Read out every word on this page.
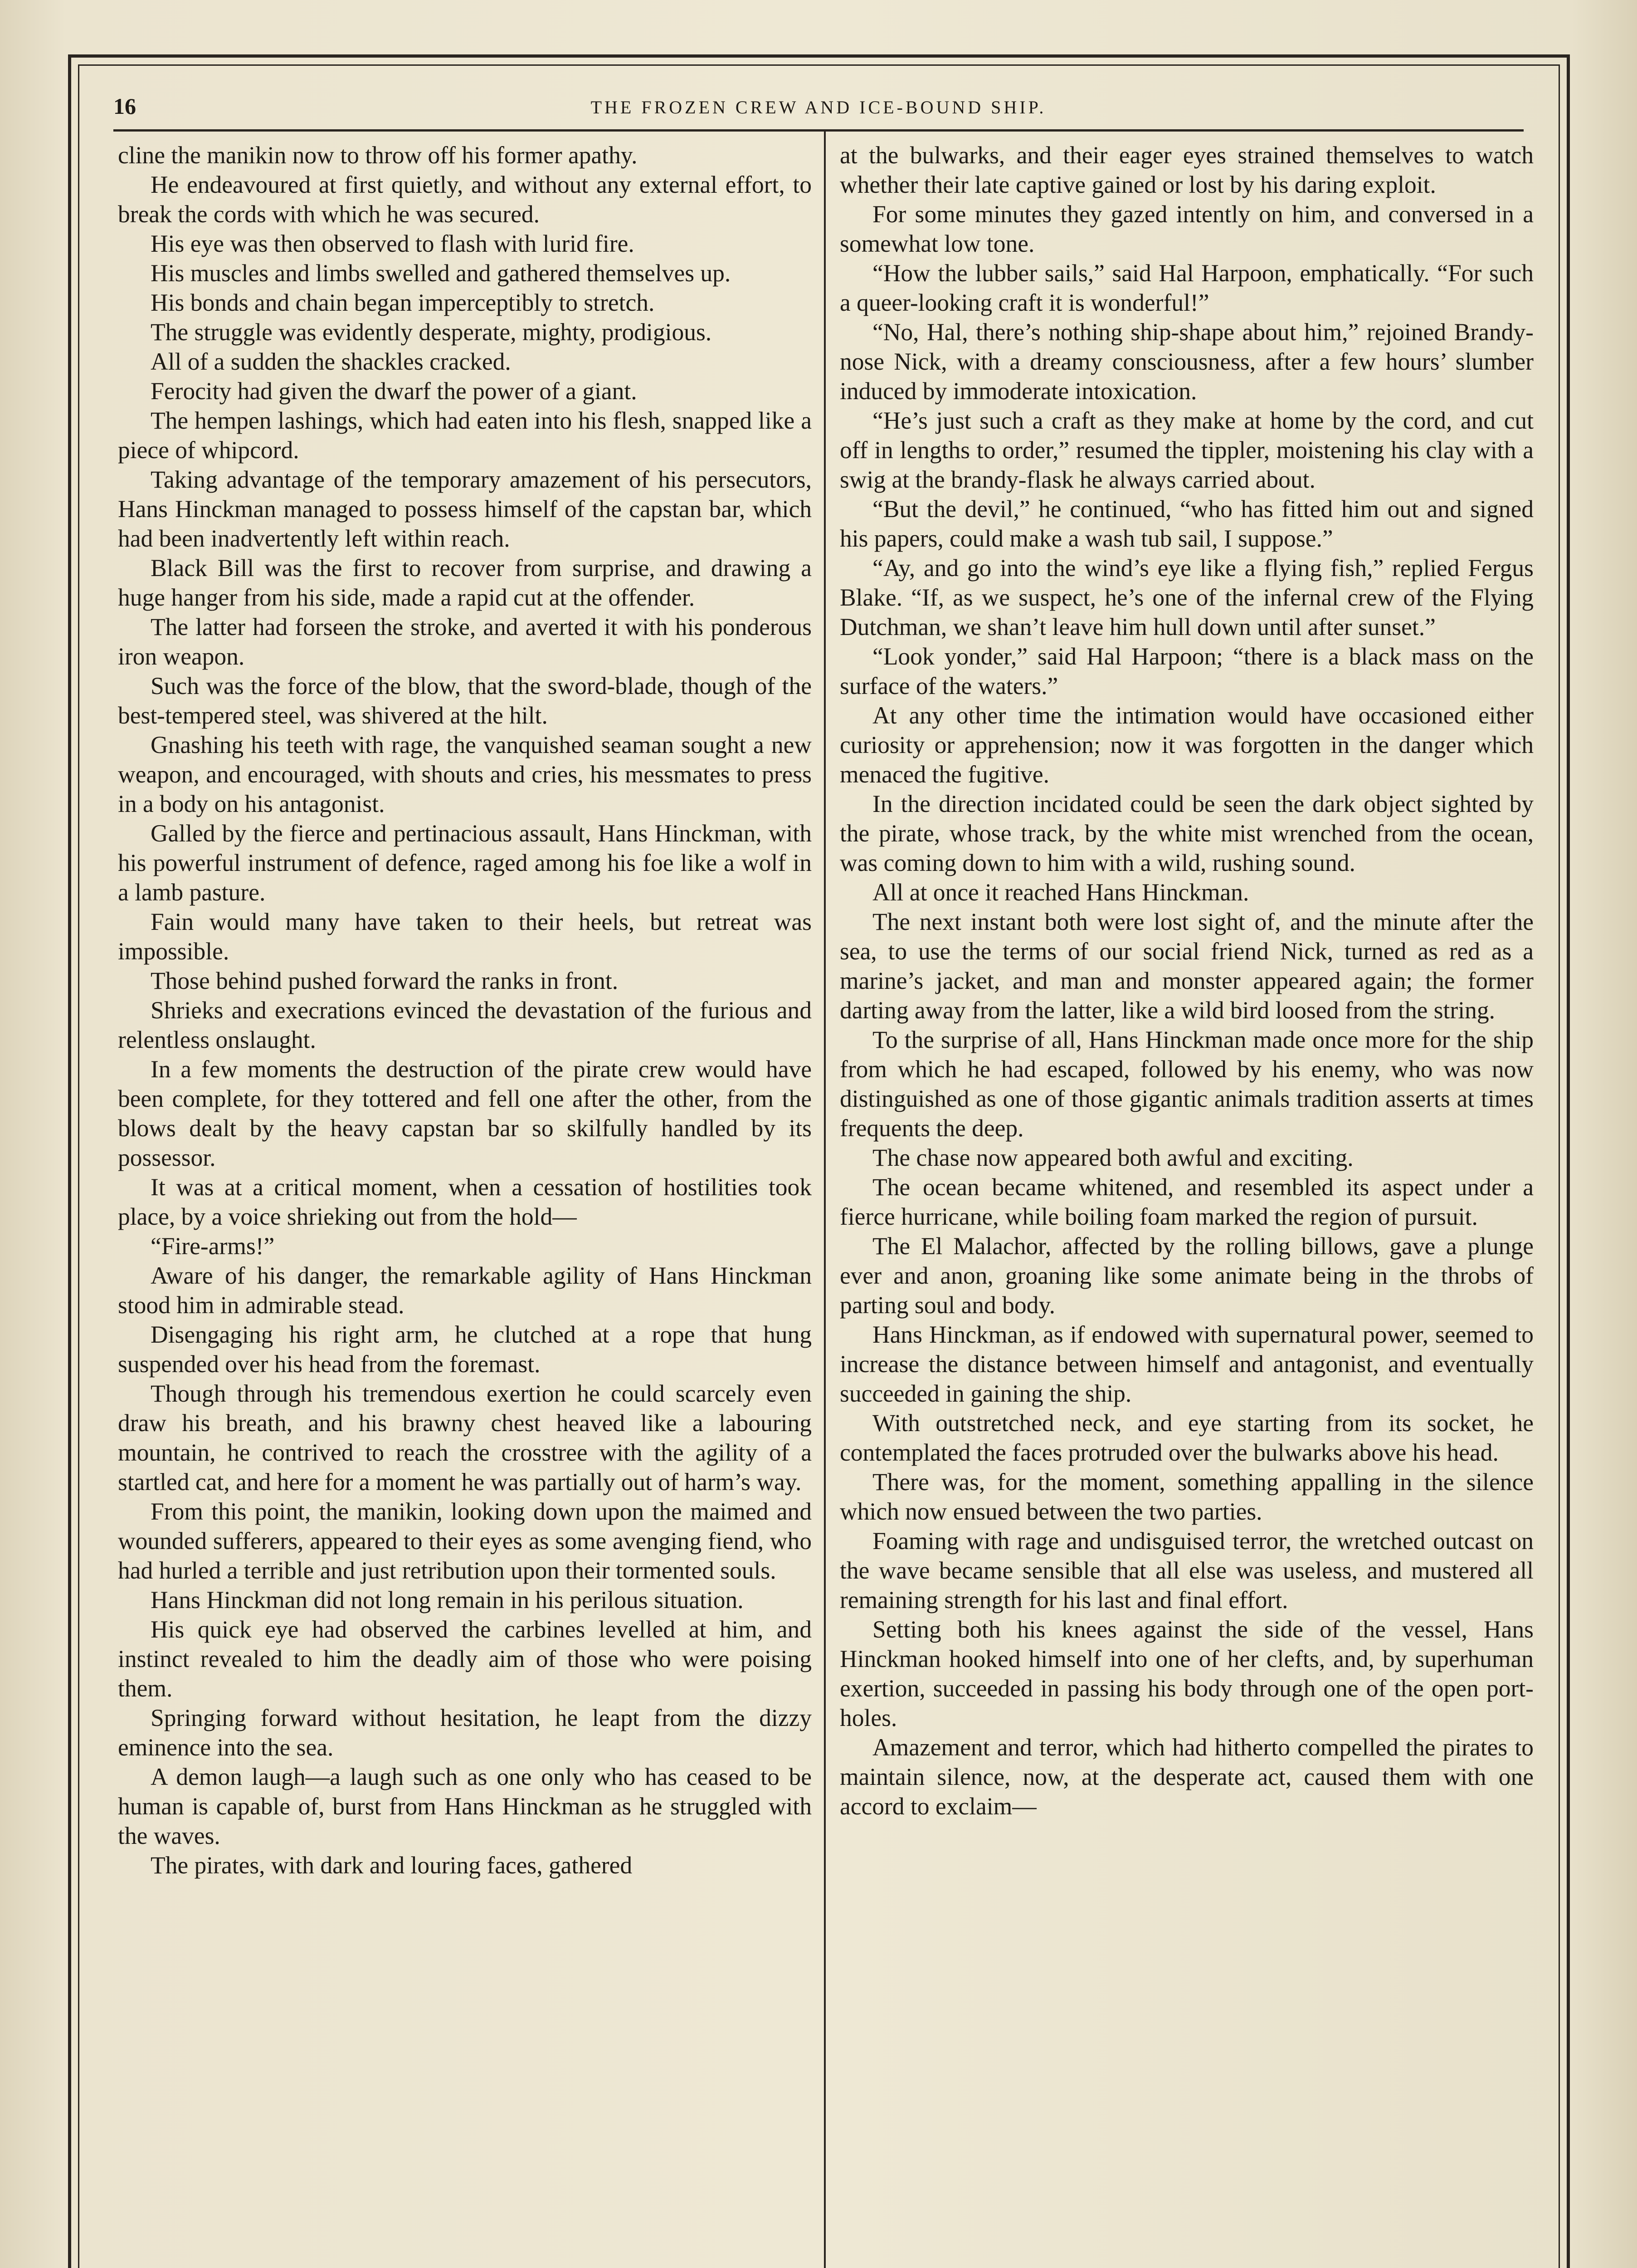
16	THE FROZEN CREW AND ICE-BOUND SHIP.

cline the manikin now to throw off his former apathy.

He endeavoured at first quietly, and without any external effort, to break the cords with which he was secured.

His eye was then observed to flash with lurid fire.

His muscles and limbs swelled and gathered themselves up.

His bonds and chain began imperceptibly to stretch.

The struggle was evidently desperate, mighty, prodigious.

All of a sudden the shackles cracked.

Ferocity had given the dwarf the power of a giant.

The hempen lashings, which had eaten into his flesh, snapped like a piece of whipcord.

Taking advantage of the temporary amazement of his persecutors, Hans Hinckman managed to possess himself of the capstan bar, which had been inadvertently left within reach.

Black Bill was the first to recover from surprise, and drawing a huge hanger from his side, made a rapid cut at the offender.

The latter had forseen the stroke, and averted it with his ponderous iron weapon.

Such was the force of the blow, that the sword-blade, though of the best-tempered steel, was shivered at the hilt.

Gnashing his teeth with rage, the vanquished seaman sought a new weapon, and encouraged, with shouts and cries, his messmates to press in a body on his antagonist.

Galled by the fierce and pertinacious assault, Hans Hinckman, with his powerful instrument of defence, raged among his foe like a wolf in a lamb pasture.

Fain would many have taken to their heels, but retreat was impossible.

Those behind pushed forward the ranks in front.

Shrieks and execrations evinced the devastation of the furious and relentless onslaught.

In a few moments the destruction of the pirate crew would have been complete, for they tottered and fell one after the other, from the blows dealt by the heavy capstan bar so skilfully handled by its possessor.

It was at a critical moment, when a cessation of hostilities took place, by a voice shrieking out from the hold—

“Fire-arms!”

Aware of his danger, the remarkable agility of Hans Hinckman stood him in admirable stead.

Disengaging his right arm, he clutched at a rope that hung suspended over his head from the foremast.

Though through his tremendous exertion he could scarcely even draw his breath, and his brawny chest heaved like a labouring mountain, he contrived to reach the crosstree with the agility of a startled cat, and here for a moment he was partially out of harm’s way.

From this point, the manikin, looking down upon the maimed and wounded sufferers, appeared to their eyes as some avenging fiend, who had hurled a terrible and just retribution upon their tormented souls.

Hans Hinckman did not long remain in his perilous situation.

His quick eye had observed the carbines levelled at him, and instinct revealed to him the deadly aim of those who were poising them.

Springing forward without hesitation, he leapt from the dizzy eminence into the sea.

A demon laugh—a laugh such as one only who has ceased to be human is capable of, burst from Hans Hinckman as he struggled with the waves.

The pirates, with dark and louring faces, gathered

at the bulwarks, and their eager eyes strained themselves to watch whether their late captive gained or lost by his daring exploit.

For some minutes they gazed intently on him, and conversed in a somewhat low tone.

“How the lubber sails,” said Hal Harpoon, emphatically. “For such a queer-looking craft it is wonderful!”

“No, Hal, there’s nothing ship-shape about him,” rejoined Brandy-nose Nick, with a dreamy consciousness, after a few hours’ slumber induced by immoderate intoxication.

“He’s just such a craft as they make at home by the cord, and cut off in lengths to order,” resumed the tippler, moistening his clay with a swig at the brandy-flask he always carried about.

“But the devil,” he continued, “who has fitted him out and signed his papers, could make a wash tub sail, I suppose.”

“Ay, and go into the wind’s eye like a flying fish,” replied Fergus Blake. “If, as we suspect, he’s one of the infernal crew of the Flying Dutchman, we shan’t leave him hull down until after sunset.”

“Look yonder,” said Hal Harpoon; “there is a black mass on the surface of the waters.”

At any other time the intimation would have occasioned either curiosity or apprehension; now it was forgotten in the danger which menaced the fugitive.

In the direction incidated could be seen the dark object sighted by the pirate, whose track, by the white mist wrenched from the ocean, was coming down to him with a wild, rushing sound.

All at once it reached Hans Hinckman.

The next instant both were lost sight of, and the minute after the sea, to use the terms of our social friend Nick, turned as red as a marine’s jacket, and man and monster appeared again; the former darting away from the latter, like a wild bird loosed from the string.

To the surprise of all, Hans Hinckman made once more for the ship from which he had escaped, followed by his enemy, who was now distinguished as one of those gigantic animals tradition asserts at times frequents the deep.

The chase now appeared both awful and exciting.

The ocean became whitened, and resembled its aspect under a fierce hurricane, while boiling foam marked the region of pursuit.

The El Malachor, affected by the rolling billows, gave a plunge ever and anon, groaning like some animate being in the throbs of parting soul and body.

Hans Hinckman, as if endowed with supernatural power, seemed to increase the distance between himself and antagonist, and eventually succeeded in gaining the ship.

With outstretched neck, and eye starting from its socket, he contemplated the faces protruded over the bulwarks above his head.

There was, for the moment, something appalling in the silence which now ensued between the two parties.

Foaming with rage and undisguised terror, the wretched outcast on the wave became sensible that all else was useless, and mustered all remaining strength for his last and final effort.

Setting both his knees against the side of the vessel, Hans Hinckman hooked himself into one of her clefts, and, by superhuman exertion, succeeded in passing his body through one of the open port-holes.

Amazement and terror, which had hitherto compelled the pirates to maintain silence, now, at the desperate act, caused them with one accord to exclaim—
